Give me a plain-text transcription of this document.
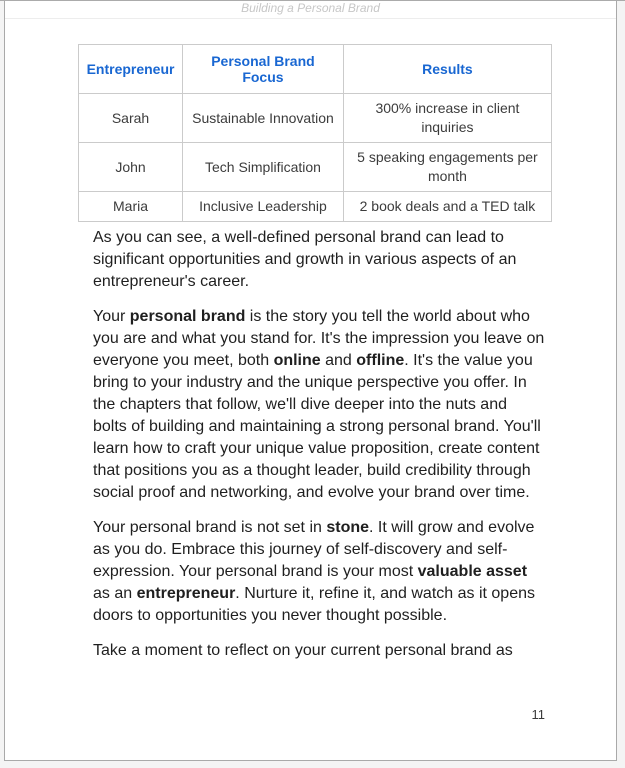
Building a Personal Brand
Entrepreneur	Personal Brand Focus	Results
Sarah	Sustainable Innovation	300% increase in client inquiries
John	Tech Simplification	5 speaking engagements per month
Maria	Inclusive Leadership	2 book deals and a TED talk

As you can see, a well-defined personal brand can lead to significant opportunities and growth in various aspects of an entrepreneur's career.

Your personal brand is the story you tell the world about who you are and what you stand for. It's the impression you leave on everyone you meet, both online and offline. It's the value you bring to your industry and the unique perspective you offer. In the chapters that follow, we'll dive deeper into the nuts and bolts of building and maintaining a strong personal brand. You'll learn how to craft your unique value proposition, create content that positions you as a thought leader, build credibility through social proof and networking, and evolve your brand over time.

Your personal brand is not set in stone. It will grow and evolve as you do. Embrace this journey of self-discovery and self-expression. Your personal brand is your most valuable asset as an entrepreneur. Nurture it, refine it, and watch as it opens doors to opportunities you never thought possible.

Take a moment to reflect on your current personal brand as

11
